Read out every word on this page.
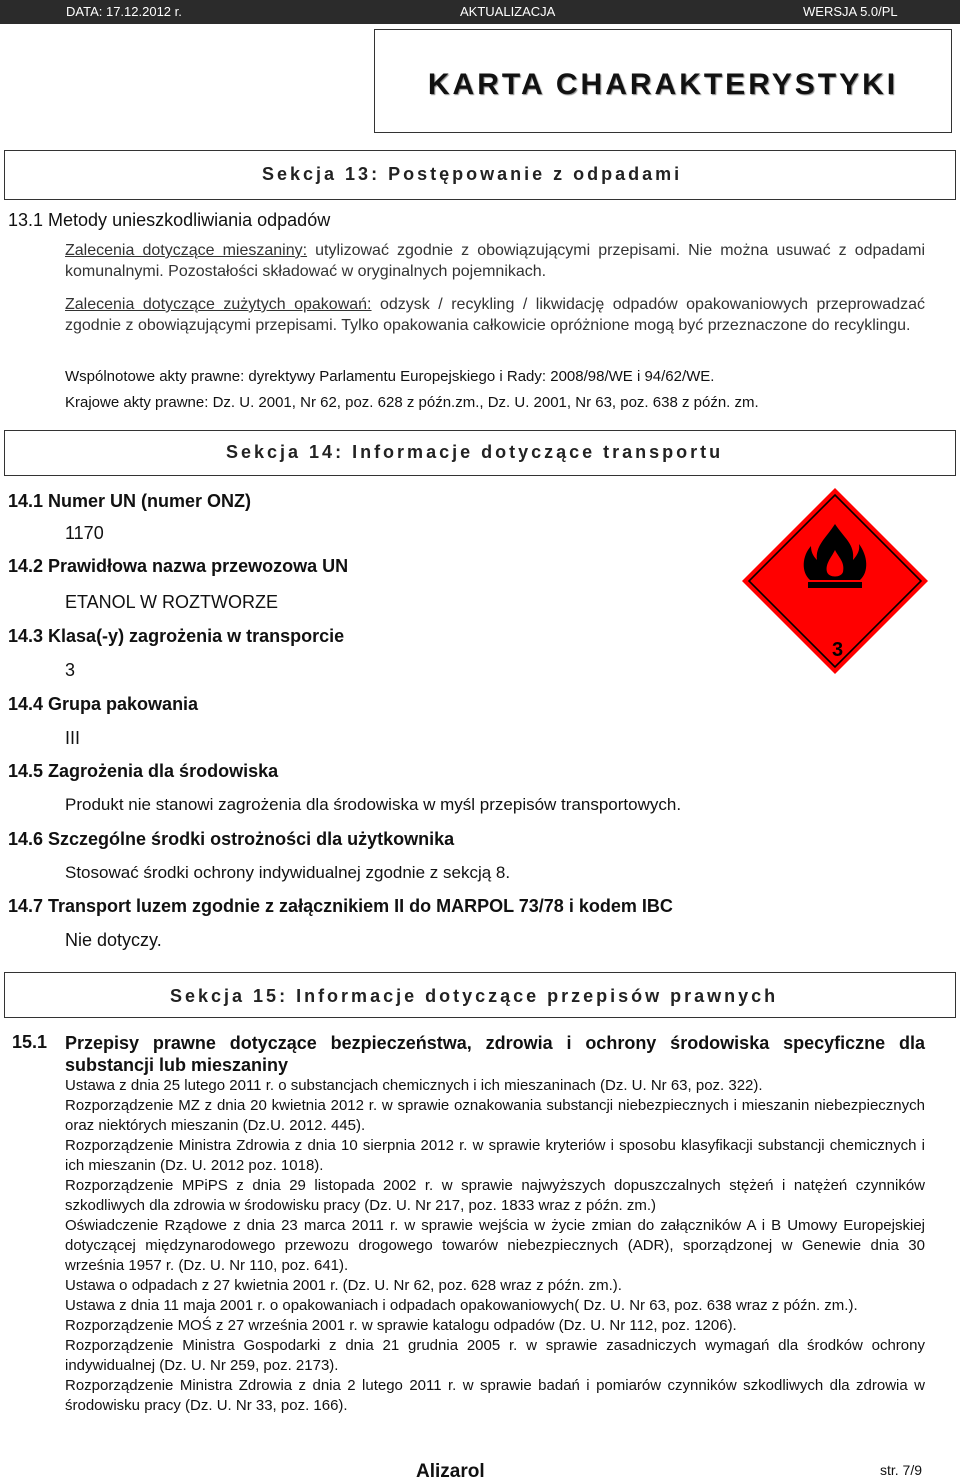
DATA: 17.12.2012 r.	AKTUALIZACJA	WERSJA 5.0/PL
KARTA CHARAKTERYSTYKI
Sekcja 13: Postępowanie z odpadami
13.1 Metody unieszkodliwiania odpadów
Zalecenia dotyczące mieszaniny: utylizować zgodnie z obowiązującymi przepisami. Nie można usuwać z odpadami komunalnymi. Pozostałości składować w oryginalnych pojemnikach.
Zalecenia dotyczące zużytych opakowań: odzysk / recykling / likwidację odpadów opakowaniowych przeprowadzać zgodnie z obowiązującymi przepisami. Tylko opakowania całkowicie opróżnione mogą być przeznaczone do recyklingu.
Wspólnotowe akty prawne: dyrektywy Parlamentu Europejskiego i Rady: 2008/98/WE i 94/62/WE.
Krajowe akty prawne: Dz. U. 2001, Nr 62, poz. 628 z późn.zm., Dz. U. 2001, Nr 63, poz. 638 z późn. zm.
Sekcja 14: Informacje dotyczące transportu
14.1 Numer UN (numer ONZ)
1170
14.2 Prawidłowa nazwa przewozowa UN
ETANOL W ROZTWORZE
14.3 Klasa(-y) zagrożenia w transporcie
3
14.4 Grupa pakowania
III
14.5 Zagrożenia dla środowiska
Produkt nie stanowi zagrożenia dla środowiska w myśl przepisów transportowych.
14.6 Szczególne środki ostrożności dla użytkownika
Stosować środki ochrony indywidualnej zgodnie z sekcją 8.
14.7 Transport luzem zgodnie z załącznikiem II do MARPOL 73/78 i kodem IBC
Nie dotyczy.
3
Sekcja 15: Informacje dotyczące przepisów prawnych
15.1 Przepisy prawne dotyczące bezpieczeństwa, zdrowia i ochrony środowiska specyficzne dla substancji lub mieszaniny

Ustawa z dnia 25 lutego 2011 r. o substancjach chemicznych i ich mieszaninach (Dz. U. Nr 63, poz. 322).

Rozporządzenie MZ z dnia 20 kwietnia 2012 r. w sprawie oznakowania substancji niebezpiecznych i mieszanin niebezpiecznych oraz niektórych mieszanin (Dz.U. 2012. 445).

Rozporządzenie Ministra Zdrowia z dnia 10 sierpnia 2012 r. w sprawie kryteriów i sposobu klasyfikacji substancji chemicznych i ich mieszanin (Dz. U. 2012 poz. 1018).

Rozporządzenie MPiPS z dnia 29 listopada 2002 r. w sprawie najwyższych dopuszczalnych stężeń i natężeń czynników szkodliwych dla zdrowia w środowisku pracy (Dz. U. Nr 217, poz. 1833 wraz z późn. zm.)

Oświadczenie Rządowe z dnia 23 marca 2011 r. w sprawie wejścia w życie zmian do załączników A i B Umowy Europejskiej dotyczącej międzynarodowego przewozu drogowego towarów niebezpiecznych (ADR), sporządzonej w Genewie dnia 30 września 1957 r. (Dz. U. Nr 110, poz. 641).

Ustawa o odpadach z 27 kwietnia 2001 r. (Dz. U. Nr 62, poz. 628 wraz z późn. zm.).

Ustawa z dnia 11 maja 2001 r. o opakowaniach i odpadach opakowaniowych( Dz. U. Nr 63, poz. 638 wraz z późn. zm.).

Rozporządzenie MOŚ z 27 września 2001 r. w sprawie katalogu odpadów (Dz. U. Nr 112, poz. 1206).

Rozporządzenie Ministra Gospodarki z dnia 21 grudnia 2005 r. w sprawie zasadniczych wymagań dla środków ochrony indywidualnej (Dz. U. Nr 259, poz. 2173).

Rozporządzenie Ministra Zdrowia z dnia 2 lutego 2011 r. w sprawie badań i pomiarów czynników szkodliwych dla zdrowia w środowisku pracy (Dz. U. Nr 33, poz. 166).

Alizarol	str. 7/9
